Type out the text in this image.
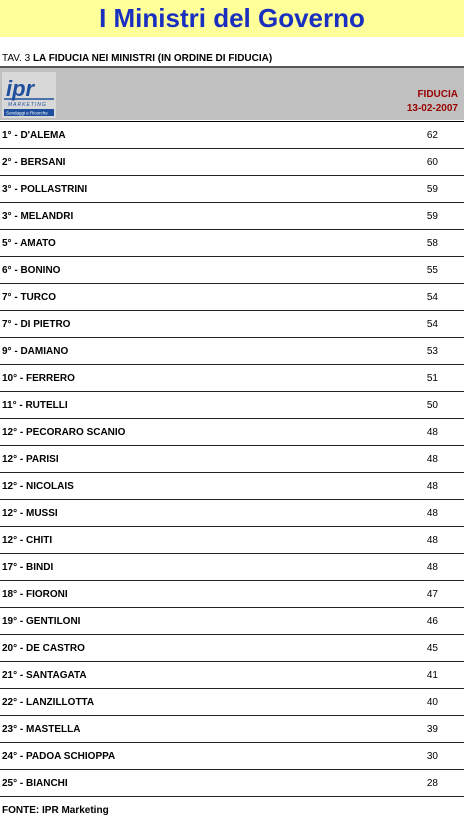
I Ministri del Governo
TAV. 3 LA FIDUCIA NEI MINISTRI (IN ORDINE DI FIDUCIA)
ipr
MARKETING
Sondaggi e Ricerche
FIDUCIA
13-02-2007
1° - D'ALEMA	62
2° - BERSANI	60
3° - POLLASTRINI	59
3° - MELANDRI	59
5° - AMATO	58
6° - BONINO	55
7° - TURCO	54
7° - DI PIETRO	54
9° - DAMIANO	53
10° - FERRERO	51
11° - RUTELLI	50
12° - PECORARO SCANIO	48
12° - PARISI	48
12° - NICOLAIS	48
12° - MUSSI	48
12° - CHITI	48
17° - BINDI	48
18° - FIORONI	47
19° - GENTILONI	46
20° - DE CASTRO	45
21° - SANTAGATA	41
22° - LANZILLOTTA	40
23° - MASTELLA	39
24° - PADOA SCHIOPPA	30
25° - BIANCHI	28
FONTE: IPR Marketing
